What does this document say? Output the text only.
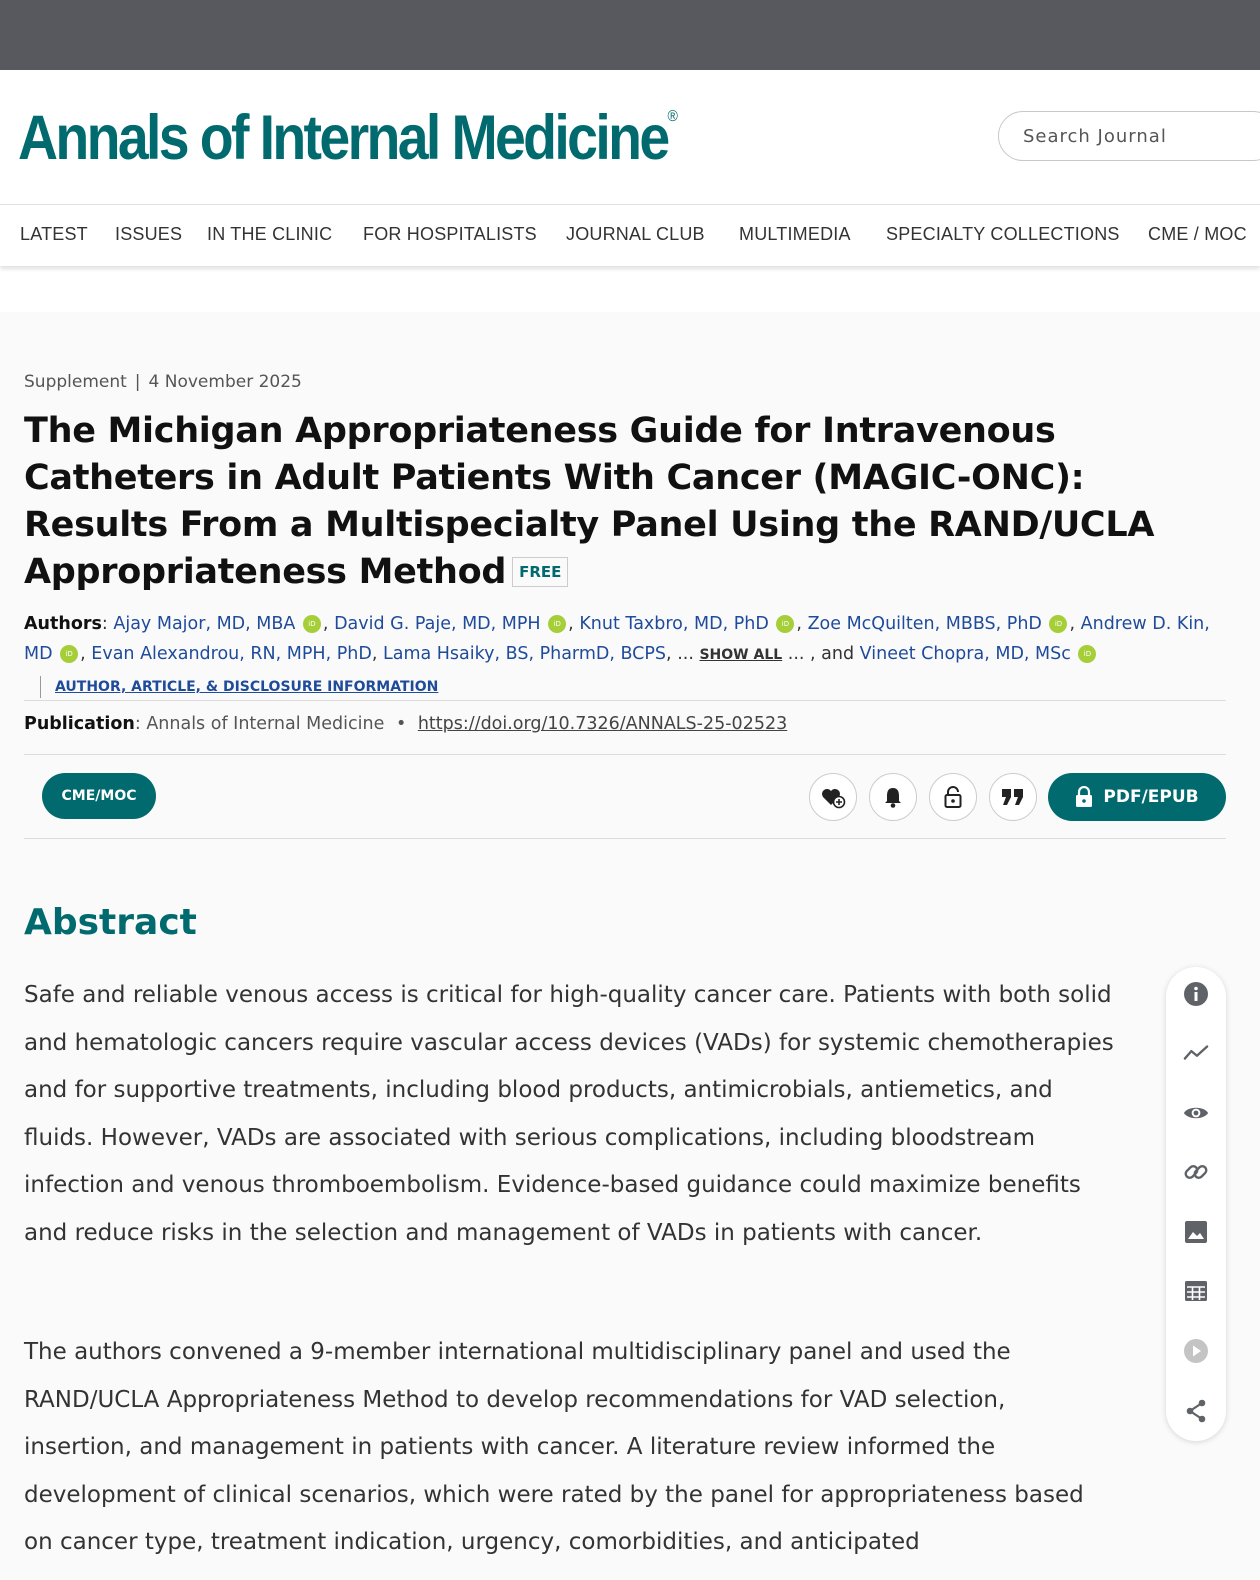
Annals of Internal Medicine®
Search Journal
LATEST ISSUES IN THE CLINIC FOR HOSPITALISTS JOURNAL CLUB MULTIMEDIA SPECIALTY COLLECTIONS CME / MOC
Supplement | 4 November 2025
The Michigan Appropriateness Guide for Intravenous Catheters in Adult Patients With Cancer (MAGIC-ONC): Results From a Multispecialty Panel Using the RAND/UCLA Appropriateness Method FREE
Authors: Ajay Major, MD, MBA iD , David G. Paje, MD, MPH iD , Knut Taxbro, MD, PhD iD , Zoe McQuilten, MBBS, PhD iD , Andrew D. Kin, MD iD , Evan Alexandrou, RN, MPH, PhD, Lama Hsaiky, BS, PharmD, BCPS, ... SHOW ALL ... , and Vineet Chopra, MD, MSc iD
AUTHOR, ARTICLE, & DISCLOSURE INFORMATION
Publication: Annals of Internal Medicine • https://doi.org/10.7326/ANNALS-25-02523
CME/MOC	PDF/EPUB
Abstract

Safe and reliable venous access is critical for high-quality cancer care. Patients with both solid and hematologic cancers require vascular access devices (VADs) for systemic chemotherapies and for supportive treatments, including blood products, antimicrobials, antiemetics, and fluids. However, VADs are associated with serious complications, including bloodstream infection and venous thromboembolism. Evidence-based guidance could maximize benefits and reduce risks in the selection and management of VADs in patients with cancer.

The authors convened a 9-member international multidisciplinary panel and used the RAND/UCLA Appropriateness Method to develop recommendations for VAD selection, insertion, and management in patients with cancer. A literature review informed the development of clinical scenarios, which were rated by the panel for appropriateness based on cancer type, treatment indication, urgency, comorbidities, and anticipated
